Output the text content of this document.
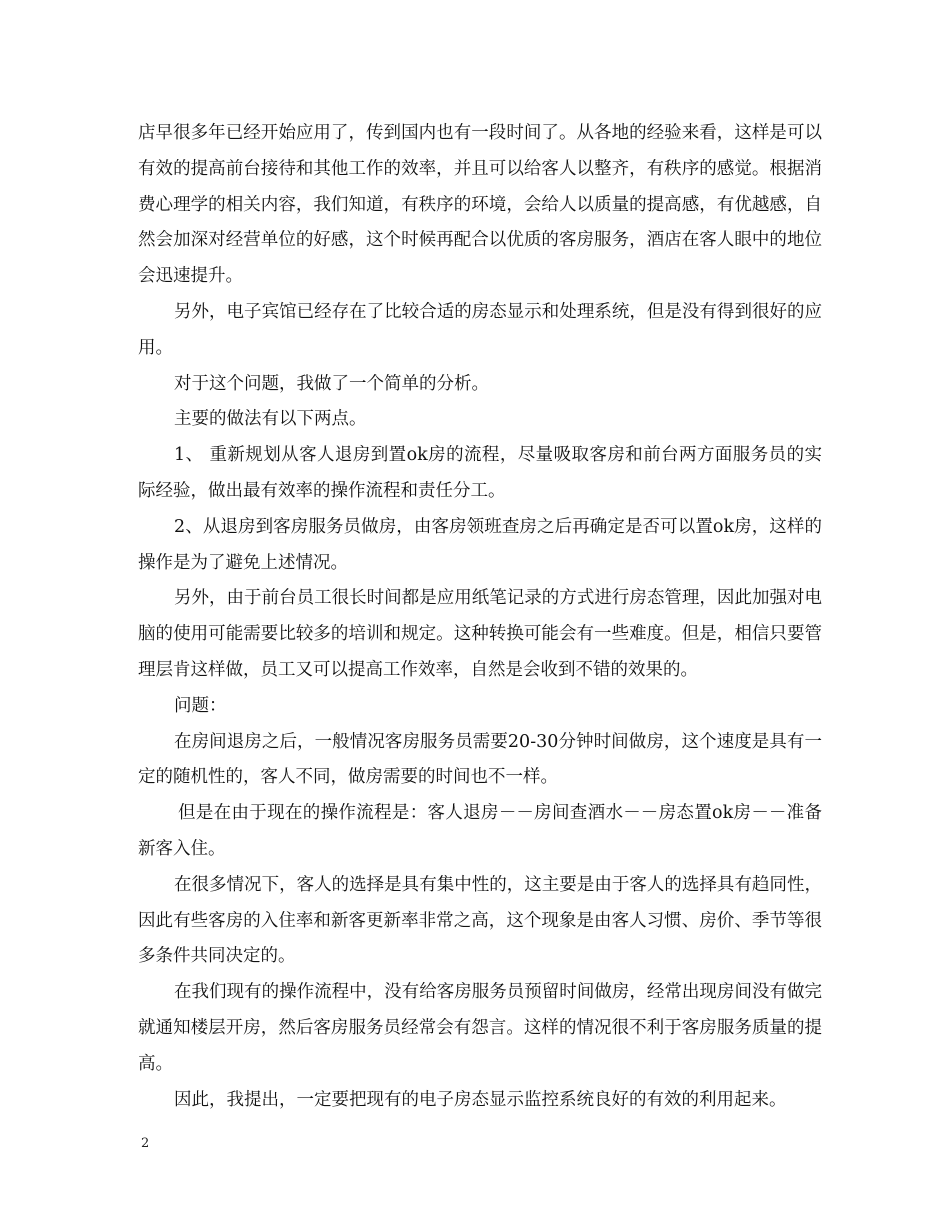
店早很多年已经开始应用了，传到国内也有一段时间了。从各地的经验来看，这样是可以有效的提高前台接待和其他工作的效率，并且可以给客人以整齐，有秩序的感觉。根据消费心理学的相关内容，我们知道，有秩序的环境，会给人以质量的提高感，有优越感，自然会加深对经营单位的好感，这个时候再配合以优质的客房服务，酒店在客人眼中的地位会迅速提升。

另外，电子宾馆已经存在了比较合适的房态显示和处理系统，但是没有得到很好的应用。

对于这个问题，我做了一个简单的分析。

主要的做法有以下两点。

1、 重新规划从客人退房到置ok房的流程，尽量吸取客房和前台两方面服务员的实际经验，做出最有效率的操作流程和责任分工。

2、从退房到客房服务员做房，由客房领班查房之后再确定是否可以置ok房，这样的操作是为了避免上述情况。

另外，由于前台员工很长时间都是应用纸笔记录的方式进行房态管理，因此加强对电脑的使用可能需要比较多的培训和规定。这种转换可能会有一些难度。但是，相信只要管理层肯这样做，员工又可以提高工作效率，自然是会收到不错的效果的。

问题：

在房间退房之后，一般情况客房服务员需要20-30分钟时间做房，这个速度是具有一定的随机性的，客人不同，做房需要的时间也不一样。

但是在由于现在的操作流程是：客人退房－－房间查酒水－－房态置ok房－－准备新客入住。

在很多情况下，客人的选择是具有集中性的，这主要是由于客人的选择具有趋同性，因此有些客房的入住率和新客更新率非常之高，这个现象是由客人习惯、房价、季节等很多条件共同决定的。

在我们现有的操作流程中，没有给客房服务员预留时间做房，经常出现房间没有做完就通知楼层开房，然后客房服务员经常会有怨言。这样的情况很不利于客房服务质量的提高。

因此，我提出，一定要把现有的电子房态显示监控系统良好的有效的利用起来。

2
